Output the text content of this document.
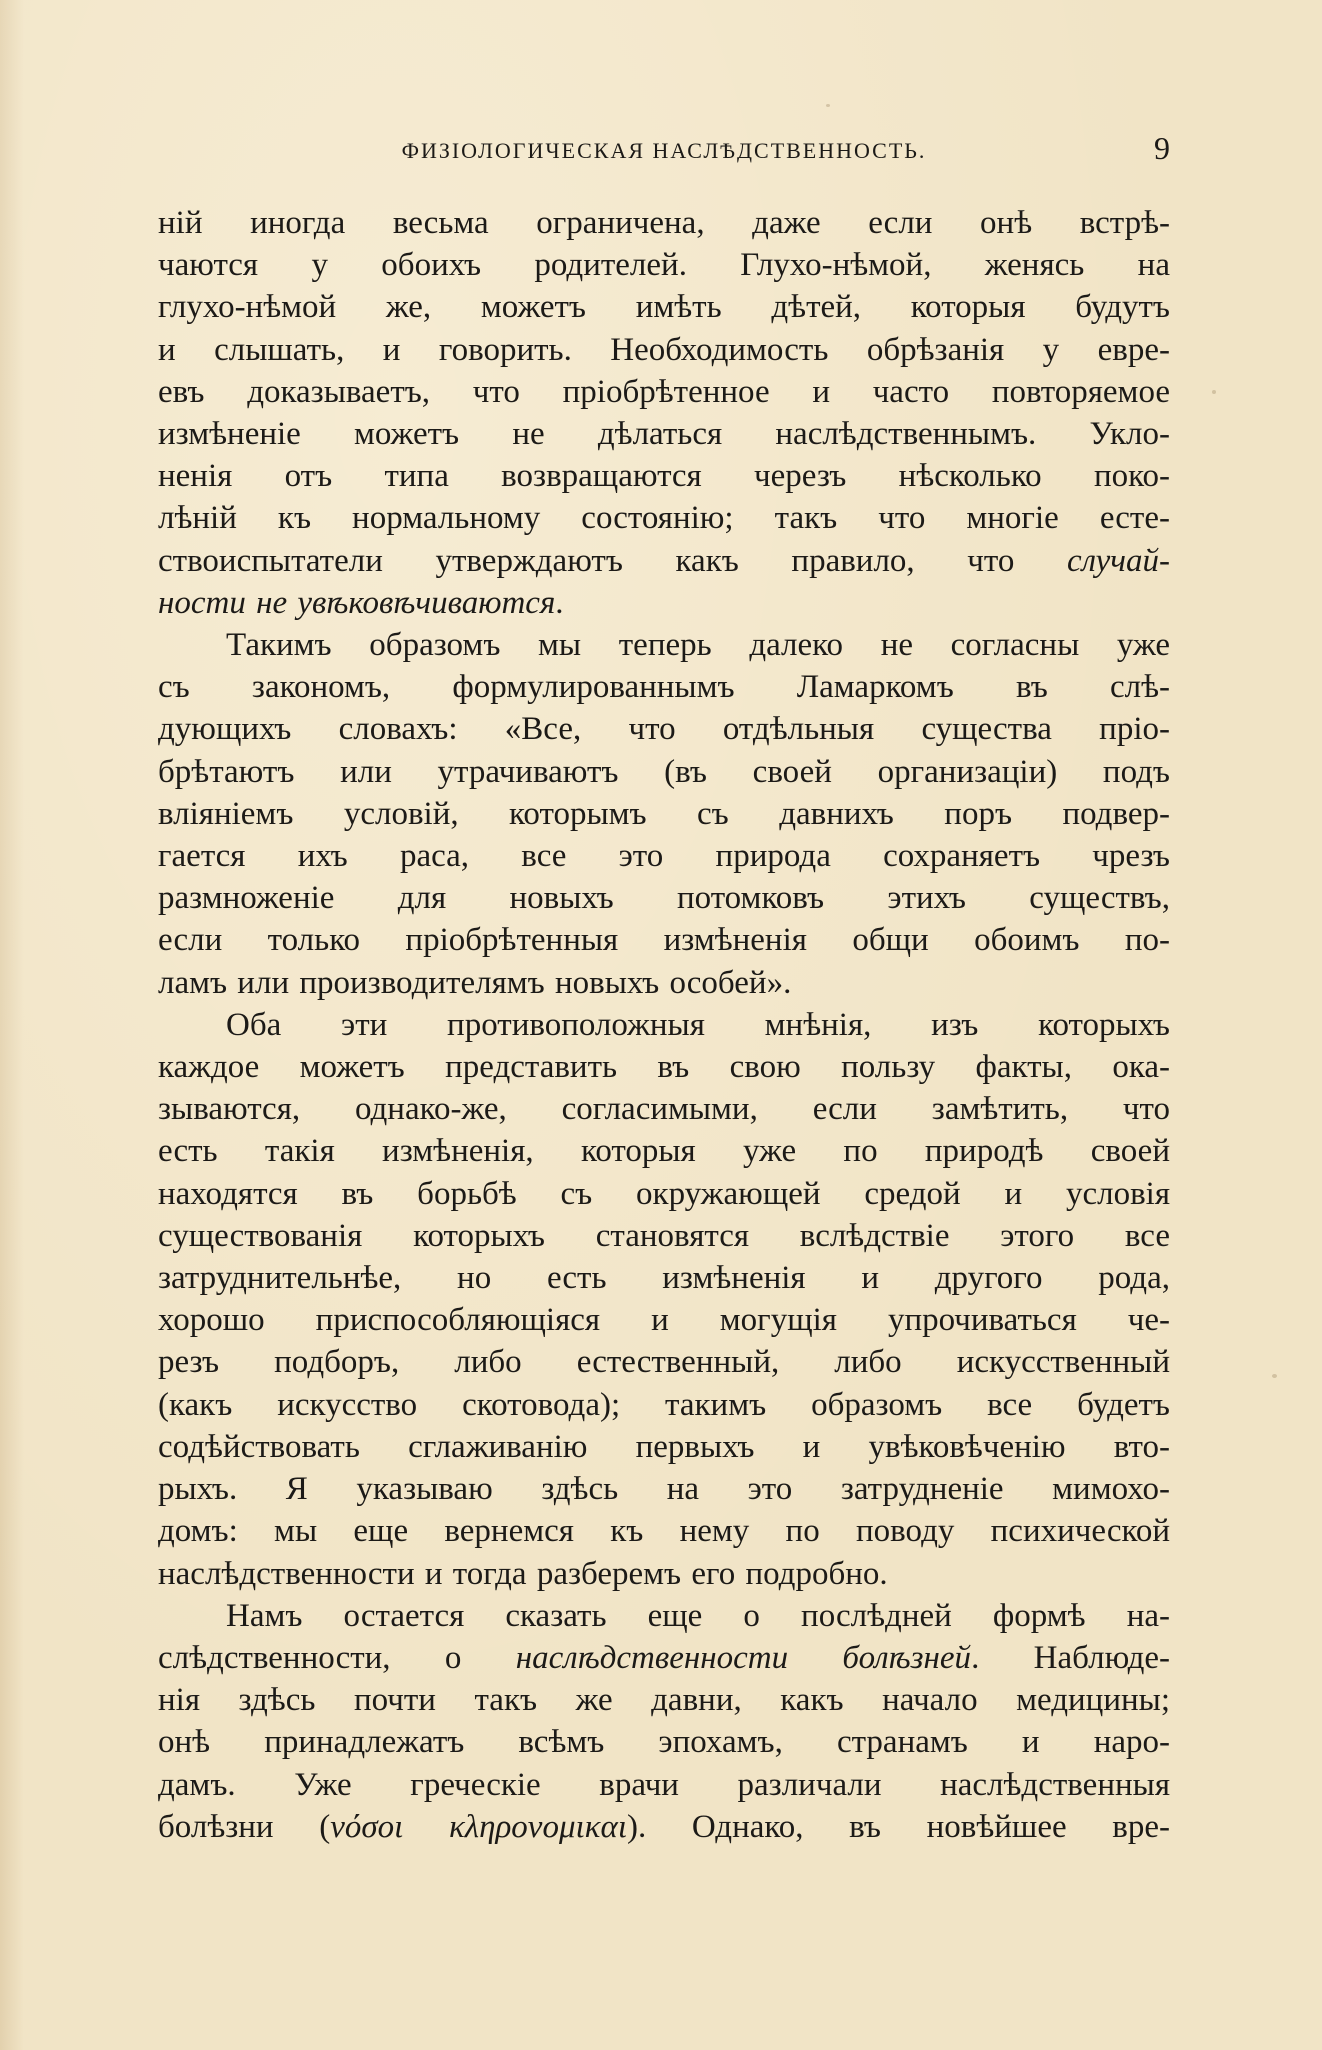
ФИЗІОЛОГИЧЕСКАЯ НАСЛѢДСТВЕННОСТЬ.	9

ній иногда весьма ограничена, даже если онѣ встрѣ-

чаются у обоихъ родителей. Глухо-нѣмой, женясь на

глухо-нѣмой же, можетъ имѣть дѣтей, которыя будутъ

и слышать, и говорить. Необходимость обрѣзанія у евре-

евъ доказываетъ, что пріобрѣтенное и часто повторяемое

измѣненіе можетъ не дѣлаться наслѣдственнымъ. Укло-

ненія отъ типа возвращаются черезъ нѣсколько поко-

лѣній къ нормальному состоянію; такъ что многіе есте-

ствоиспытатели утверждаютъ какъ правило, что случай-

ности не увѣковѣчиваются.

Такимъ образомъ мы теперь далеко не согласны уже

съ закономъ, формулированнымъ Ламаркомъ въ слѣ-

дующихъ словахъ: «Все, что отдѣльныя существа прiо-

брѣтаютъ или утрачиваютъ (въ своей организаціи) подъ

вліяніемъ условій, которымъ съ давнихъ поръ подвер-

гается ихъ раса, все это природа сохраняетъ чрезъ

размноженіе для новыхъ потомковъ этихъ существъ,

если только пріобрѣтенныя измѣненія общи обоимъ по-

ламъ или производителямъ новыхъ особей».

Оба эти противоположныя мнѣнія, изъ которыхъ

каждое можетъ представить въ свою пользу факты, ока-

зываются, однако-же, согласимыми, если замѣтить, что

есть такія измѣненія, которыя уже по природѣ своей

находятся въ борьбѣ съ окружающей средой и условія

существованія которыхъ становятся вслѣдствіе этого все

затруднительнѣе, но есть измѣненія и другого рода,

хорошо приспособляющіяся и могущія упрочиваться че-

резъ подборъ, либо естественный, либо искусственный

(какъ искусство скотовода); такимъ образомъ все будетъ

содѣйствовать сглаживанію первыхъ и увѣковѣченію вто-

рыхъ. Я указываю здѣсь на это затрудненіе мимохо-

домъ: мы еще вернемся къ нему по поводу психической

наслѣдственности и тогда разберемъ его подробно.

Намъ остается сказать еще о послѣдней формѣ на-

слѣдственности, о наслѣдственности болѣзней. Наблюде-

нія здѣсь почти такъ же давни, какъ начало медицины;

онѣ принадлежатъ всѣмъ эпохамъ, странамъ и наро-

дамъ. Уже греческіе врачи различали наслѣдственныя

болѣзни (νόσοι κληρονομικαι). Однако, въ новѣйшее вре-
